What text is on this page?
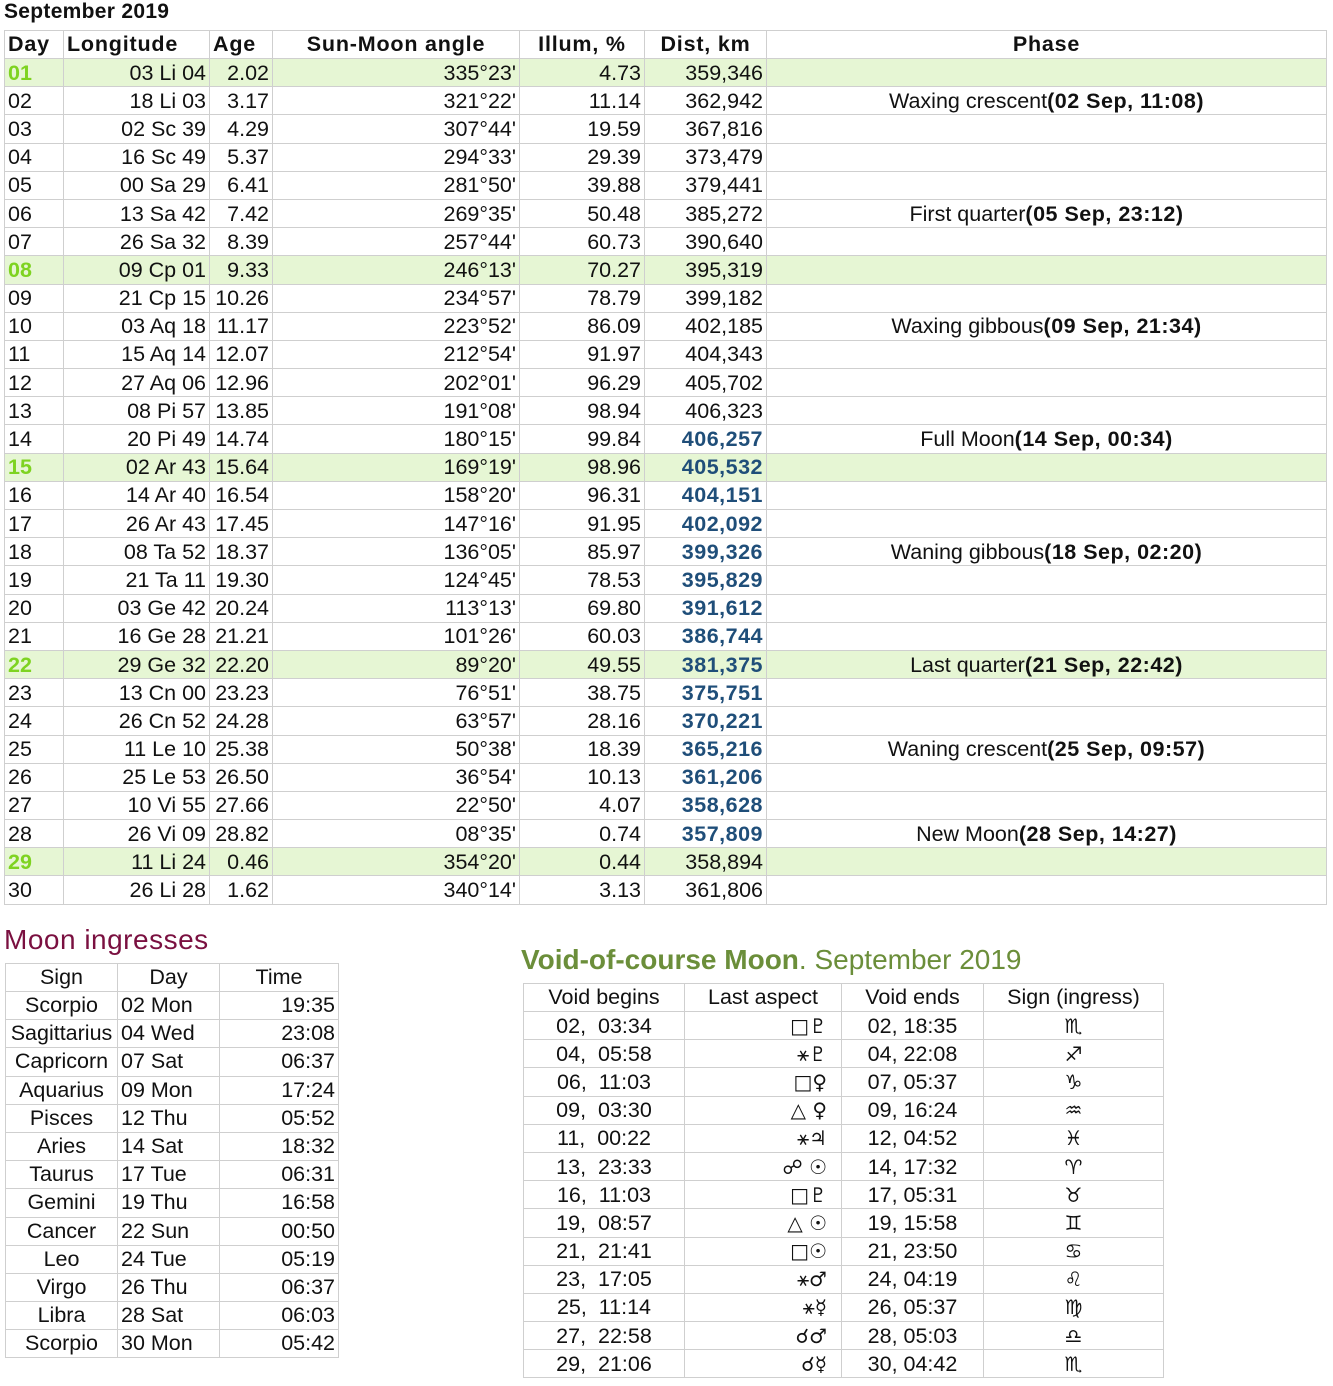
September 2019
Day	Longitude	Age	Sun-Moon angle	Illum, %	Dist, km	Phase
01	03 Li 04	2.02	335°23'	4.73	359,346	
02	18 Li 03	3.17	321°22'	11.14	362,942	Waxing crescent(02 Sep, 11:08)
03	02 Sc 39	4.29	307°44'	19.59	367,816	
04	16 Sc 49	5.37	294°33'	29.39	373,479	
05	00 Sa 29	6.41	281°50'	39.88	379,441	
06	13 Sa 42	7.42	269°35'	50.48	385,272	First quarter(05 Sep, 23:12)
07	26 Sa 32	8.39	257°44'	60.73	390,640	
08	09 Cp 01	9.33	246°13'	70.27	395,319	
09	21 Cp 15	10.26	234°57'	78.79	399,182	
10	03 Aq 18	11.17	223°52'	86.09	402,185	Waxing gibbous(09 Sep, 21:34)
11	15 Aq 14	12.07	212°54'	91.97	404,343	
12	27 Aq 06	12.96	202°01'	96.29	405,702	
13	08 Pi 57	13.85	191°08'	98.94	406,323	
14	20 Pi 49	14.74	180°15'	99.84	406,257	Full Moon(14 Sep, 00:34)
15	02 Ar 43	15.64	169°19'	98.96	405,532	
16	14 Ar 40	16.54	158°20'	96.31	404,151	
17	26 Ar 43	17.45	147°16'	91.95	402,092	
18	08 Ta 52	18.37	136°05'	85.97	399,326	Waning gibbous(18 Sep, 02:20)
19	21 Ta 11	19.30	124°45'	78.53	395,829	
20	03 Ge 42	20.24	113°13'	69.80	391,612	
21	16 Ge 28	21.21	101°26'	60.03	386,744	
22	29 Ge 32	22.20	89°20'	49.55	381,375	Last quarter(21 Sep, 22:42)
23	13 Cn 00	23.23	76°51'	38.75	375,751	
24	26 Cn 52	24.28	63°57'	28.16	370,221	
25	11 Le 10	25.38	50°38'	18.39	365,216	Waning crescent(25 Sep, 09:57)
26	25 Le 53	26.50	36°54'	10.13	361,206	
27	10 Vi 55	27.66	22°50'	4.07	358,628	
28	26 Vi 09	28.82	08°35'	0.74	357,809	New Moon(28 Sep, 14:27)
29	11 Li 24	0.46	354°20'	0.44	358,894	
30	26 Li 28	1.62	340°14'	3.13	361,806	
Moon ingresses
Sign	Day	Time
Scorpio	02 Mon	19:35
Sagittarius	04 Wed	23:08
Capricorn	07 Sat	06:37
Aquarius	09 Mon	17:24
Pisces	12 Thu	05:52
Aries	14 Sat	18:32
Taurus	17 Tue	06:31
Gemini	19 Thu	16:58
Cancer	22 Sun	00:50
Leo	24 Tue	05:19
Virgo	26 Thu	06:37
Libra	28 Sat	06:03
Scorpio	30 Mon	05:42
Void-of-course Moon. September 2019
Void begins	Last aspect	Void ends	Sign (ingress)
02,  03:34	□♇	02, 18:35	♏
04,  05:58	⚹♇	04, 22:08	♐
06,  11:03	□♀	07, 05:37	♑
09,  03:30	△ ♀	09, 16:24	♒
11,  00:22	⚹♃	12, 04:52	♓
13,  23:33	☍ ☉	14, 17:32	♈
16,  11:03	□♇	17, 05:31	♉
19,  08:57	△ ☉	19, 15:58	♊
21,  21:41	□☉	21, 23:50	♋
23,  17:05	⚹♂	24, 04:19	♌
25,  11:14	⚹☿	26, 05:37	♍
27,  22:58	☌♂	28, 05:03	♎
29,  21:06	☌☿	30, 04:42	♏
